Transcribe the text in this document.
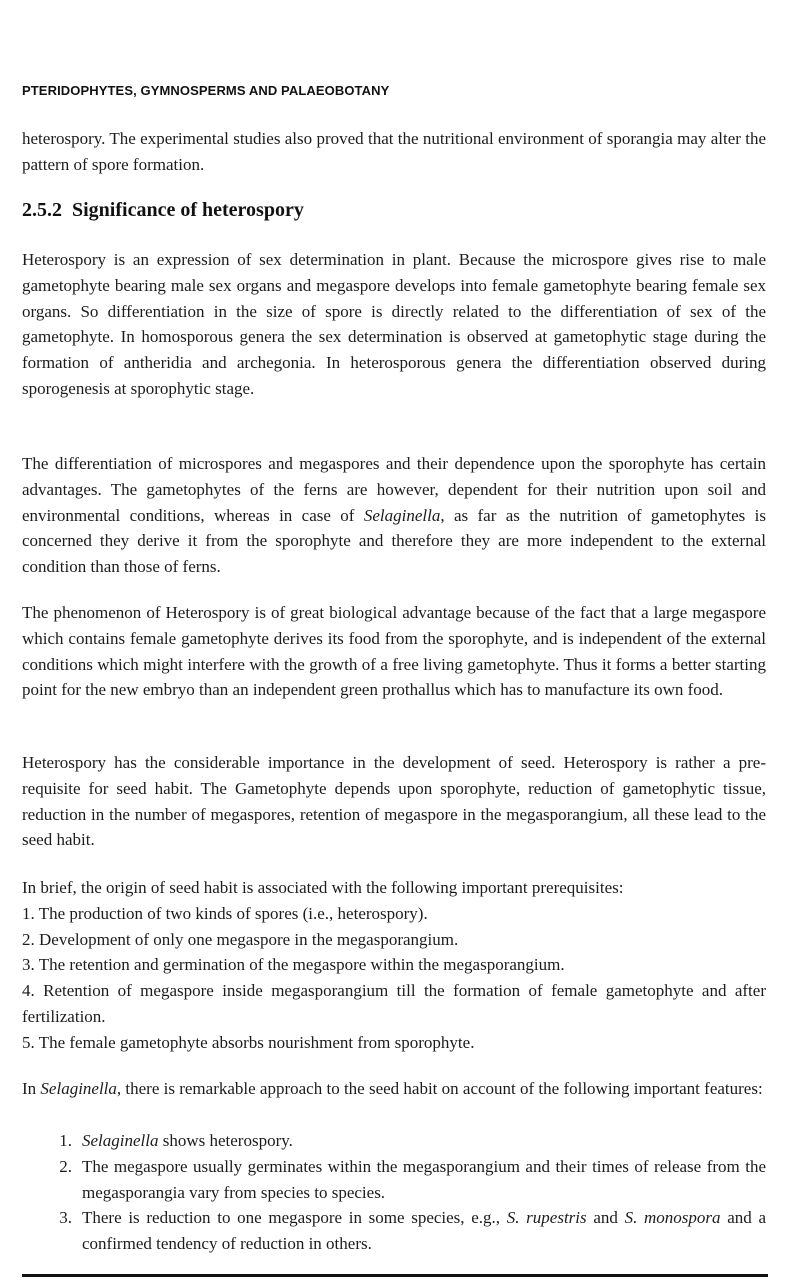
PTERIDOPHYTES, GYMNOSPERMS AND PALAEOBOTANY

heterospory. The experimental studies also proved that the nutritional environment of sporangia may alter the pattern of spore formation.

2.5.2 Significance of heterospory

Heterospory is an expression of sex determination in plant. Because the microspore gives rise to male gametophyte bearing male sex organs and megaspore develops into female gametophyte bearing female sex organs. So differentiation in the size of spore is directly related to the differentiation of sex of the gametophyte. In homosporous genera the sex determination is observed at gametophytic stage during the formation of antheridia and archegonia. In heterosporous genera the differentiation observed during sporogenesis at sporophytic stage.

The differentiation of microspores and megaspores and their dependence upon the sporophyte has certain advantages. The gametophytes of the ferns are however, dependent for their nutrition upon soil and environmental conditions, whereas in case of Selaginella, as far as the nutrition of gametophytes is concerned they derive it from the sporophyte and therefore they are more independent to the external condition than those of ferns.

The phenomenon of Heterospory is of great biological advantage because of the fact that a large megaspore which contains female gametophyte derives its food from the sporophyte, and is independent of the external conditions which might interfere with the growth of a free living gametophyte. Thus it forms a better starting point for the new embryo than an independent green prothallus which has to manufacture its own food.

Heterospory has the considerable importance in the development of seed. Heterospory is rather a pre-requisite for seed habit. The Gametophyte depends upon sporophyte, reduction of gametophytic tissue, reduction in the number of megaspores, retention of megaspore in the megasporangium, all these lead to the seed habit.

In brief, the origin of seed habit is associated with the following important prerequisites:
1. The production of two kinds of spores (i.e., heterospory).
2. Development of only one megaspore in the megasporangium.
3. The retention and germination of the megaspore within the megasporangium.
4. Retention of megaspore inside megasporangium till the formation of female gametophyte and after fertilization.
5. The female gametophyte absorbs nourishment from sporophyte.

In Selaginella, there is remarkable approach to the seed habit on account of the following important features:

1. Selaginella shows heterospory.
2. The megaspore usually germinates within the megasporangium and their times of release from the megasporangia vary from species to species.
3. There is reduction to one megaspore in some species, e.g., S. rupestris and S. monospora and a confirmed tendency of reduction in others.
